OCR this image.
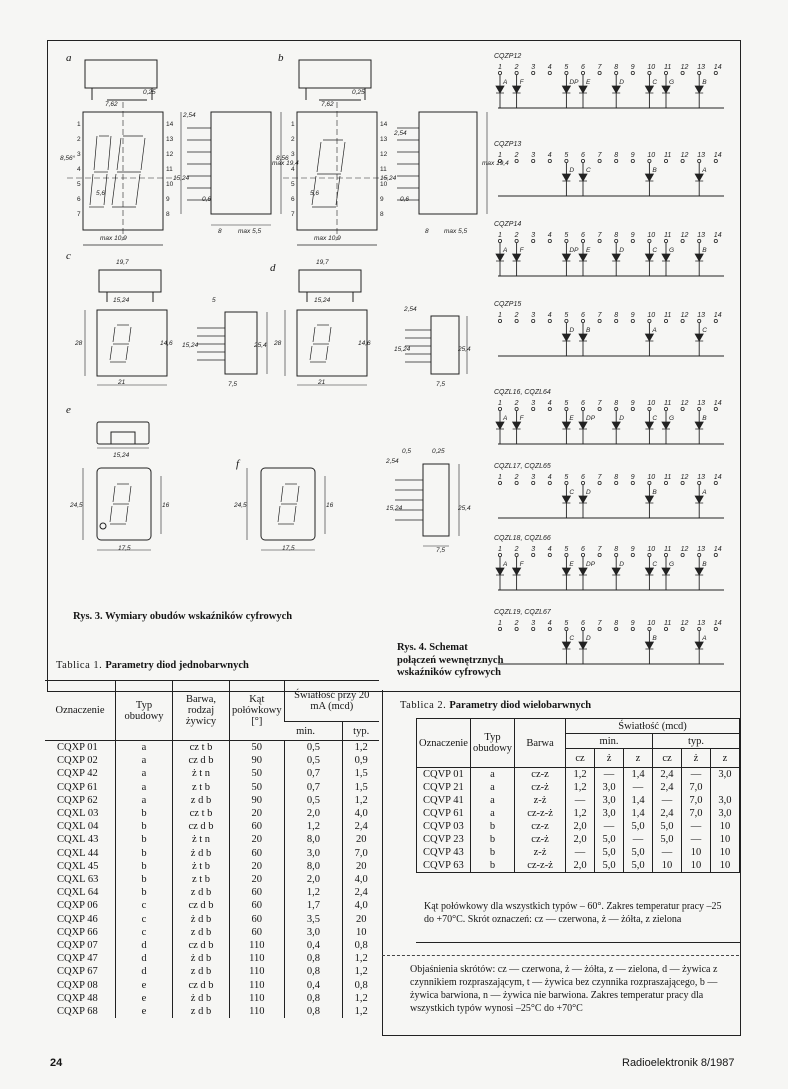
1
2
3
4
5
6
7
14
13
12
11
10
9
8
1
2
3
4
5
6
7
14
13
12
11
10
9
8
a	b
c
d
e
f
7,62
0,25
8,56°
5,6
max 10,9
15,24
2,54
max 19,4
0,6
8	max 5,5
7,62
0,25
8,56
5,6
max 10,9
15,24
2,54
max 19,4
0,6
8 max 5,5
19,7
15,24
28	14,6
21
5
15,24	25,4
7,5
19,7
15,24
28	14,6
21
2,54
15,24	25,4
7,5
15,24
24,5	16
17,5
24,5	16
17,5
2,54
0,5	0,25
15,24	25,4
7,5
CQZP12
1 2 3 4 5 6 7 8 9 10 11 12 13 14
A F	DP E	D	C G	B
CQZP13
1 2 3 4 5 6 7 8 9 10 11 12 13 14
D C	B	A
CQZP14
1 2 3 4 5 6 7 8 9 10 11 12 13 14
A F	DP E	D	C G	B
CQZP15
1 2 3 4 5 6 7 8 9 10 11 12 13 14
D B	A	C
CQZL16, CQZL64
1 2 3 4 5 6 7 8 9 10 11 12 13 14
A F	E DP	D	C G	B
CQZL17, CQZL65
1 2 3 4 5 6 7 8 9 10 11 12 13 14
C D	B	A
CQZL18, CQZL66
1 2 3 4 5 6 7 8 9 10 11 12 13 14
A F	E DP	D	C G	B
CQZL19, CQZL67
1 2 3 4 5 6 7 8 9 10 11 12 13 14
C D	B	A
Rys. 3. Wymiary obudów wskaźników cyfrowych
Rys. 4. Schemat
połączeń wewnętrznych
wskaźników cyfrowych
Tablica 1. Parametry diod jednobarwnych
Oznaczenie	Typ obudowy	Barwa, rodzaj żywicy	Kąt połówkowy [°]	Światłość przy 20 mA (mcd)	
				min.	typ.
CQXP 01	a	cz t b	50	0,5	1,2
CQXP 02	a	cz d b	90	0,5	0,9
CQXP 42	a	ż t n	50	0,7	1,5
CQXP 61	a	z t b	50	0,7	1,5
CQXP 62	a	z d b	90	0,5	1,2
CQXL 03	b	cz t b	20	2,0	4,0
CQXL 04	b	cz d b	60	1,2	2,4
CQXL 43	b	ż t n	20	8,0	20
CQXL 44	b	ż d b	60	3,0	7,0
CQXL 45	b	ż t b	20	8,0	20
CQXL 63	b	z t b	20	2,0	4,0
CQXL 64	b	z d b	60	1,2	2,4
CQXP 06	c	cz d b	60	1,7	4,0
CQXP 46	c	ż d b	60	3,5	20
CQXP 66	c	z d b	60	3,0	10
CQXP 07	d	cz d b	110	0,4	0,8
CQXP 47	d	ż d b	110	0,8	1,2
CQXP 67	d	z d b	110	0,8	1,2
CQXP 08	e	cz d b	110	0,4	0,8
CQXP 48	e	ż d b	110	0,8	1,2
CQXP 68	e	z d b	110	0,8	1,2
Tablica 2. Parametry diod wielobarwnych
Oznaczenie	Typ obudowy	Barwa	Światłość (mcd)					
			min.			typ.		
			cz	ż	z	cz	ż	z
CQVP 01	a	cz-z	1,2	—	1,4	2,4	—	3,0
CQVP 21	a	cz-ż	1,2	3,0	—	2,4	7,0	
CQVP 41	a	z-ż	—	3,0	1,4	—	7,0	3,0
CQVP 61	a	cz-z-ż	1,2	3,0	1,4	2,4	7,0	3,0
CQVP 03	b	cz-z	2,0	—	5,0	5,0	—	10
CQVP 23	b	cz-ż	2,0	5,0	—	5,0	—	10
CQVP 43	b	z-ż	—	5,0	5,0	—	10	10
CQVP 63	b	cz-z-ż	2,0	5,0	5,0	10	10	10
Kąt połówkowy dla wszystkich typów – 60°. Zakres temperatur pracy –25 do +70°C. Skrót oznaczeń: cz — czerwona, ż — żółta, z zielona
Objaśnienia skrótów: cz — czerwona, ż — żółta, z — zielona, d — żywica z czynnikiem rozpraszającym, t — żywica bez czynnika rozpraszającego, b — żywica barwiona, n — żywica nie barwiona. Zakres temperatur pracy dla wszystkich typów wynosi –25°C do +70°C
24	Radioelektronik 8/1987
